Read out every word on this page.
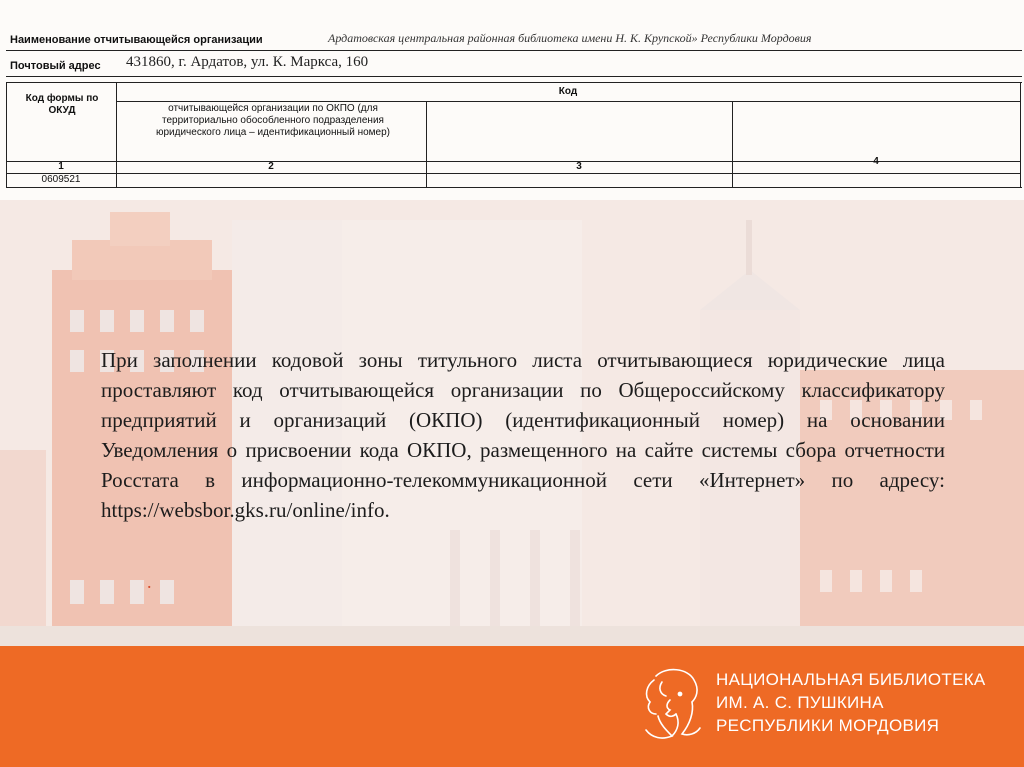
Наименование отчитывающейся организации	Ардатовская центральная районная библиотека имени Н. К. Крупской» Республики Мордовия
Почтовый адрес 431860, г. Ардатов, ул. К. Маркса, 160
Код
Код формы по ОКУД	отчитывающейся организации по ОКПО (для территориально обособленного подразделения юридического лица – идентификационный номер)
1	2	3	4
0609521

При заполнении кодовой зоны титульного листа отчитывающиеся юридические лица проставляют код отчитывающейся организации по Общероссийскому классификатору предприятий и организаций (ОКПО) (идентификационный номер) на основании Уведомления о присвоении кода ОКПО, размещенного на сайте системы сбора отчетности Росстата в информационно-телекоммуникационной сети «Интернет» по адресу: https://websbor.gks.ru/online/info.

.
НАЦИОНАЛЬНАЯ БИБЛИОТЕКА
ИМ. А. С. ПУШКИНА
РЕСПУБЛИКИ МОРДОВИЯ
